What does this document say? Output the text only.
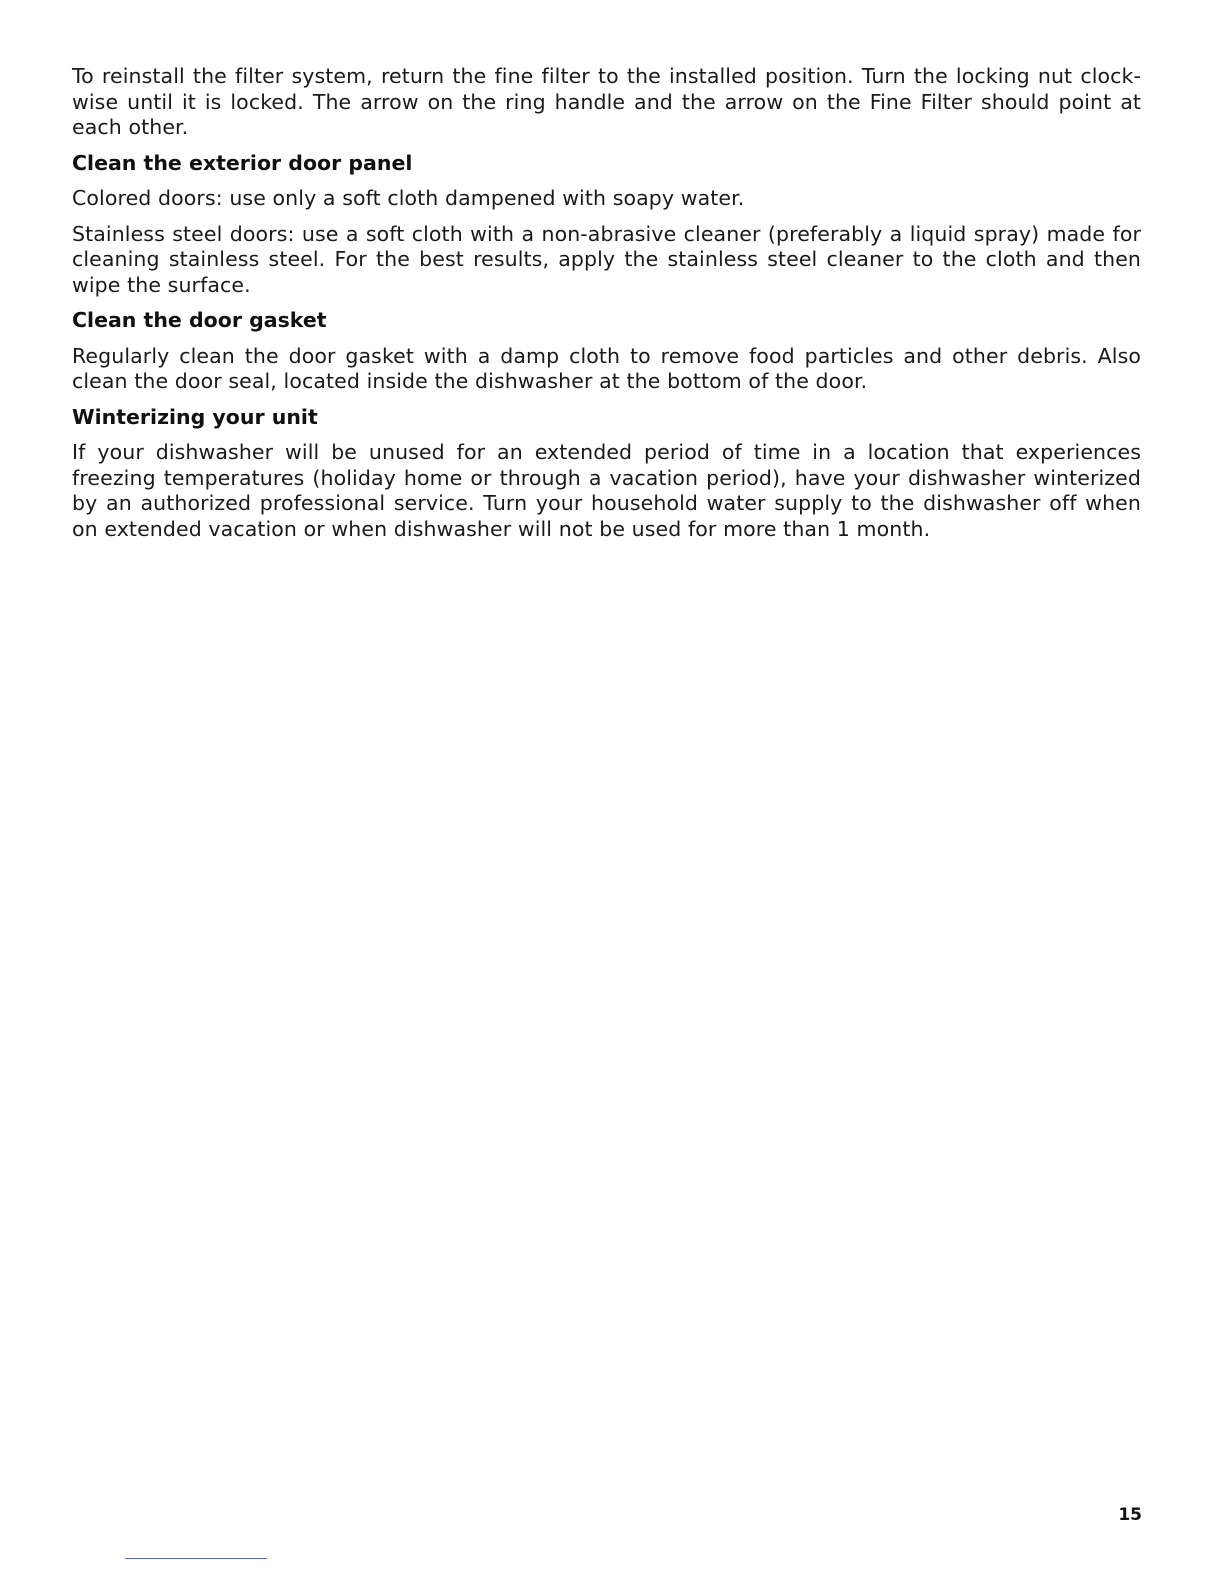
To reinstall the filter system, return the fine filter to the installed position. Turn the locking nut clock-wise until it is locked. The arrow on the ring handle and the arrow on the Fine Filter should point at each other.

Clean the exterior door panel

Colored doors: use only a soft cloth dampened with soapy water.

Stainless steel doors: use a soft cloth with a non-abrasive cleaner (preferably a liquid spray) made for cleaning stainless steel. For the best results, apply the stainless steel cleaner to the cloth and then wipe the surface.

Clean the door gasket

Regularly clean the door gasket with a damp cloth to remove food particles and other debris. Also clean the door seal, located inside the dishwasher at the bottom of the door.

Winterizing your unit

If your dishwasher will be unused for an extended period of time in a location that experiences freezing temperatures (holiday home or through a vacation period), have your dishwasher winterized by an authorized professional service. Turn your household water supply to the dishwasher off when on extended vacation or when dishwasher will not be used for more than 1 month.

15
